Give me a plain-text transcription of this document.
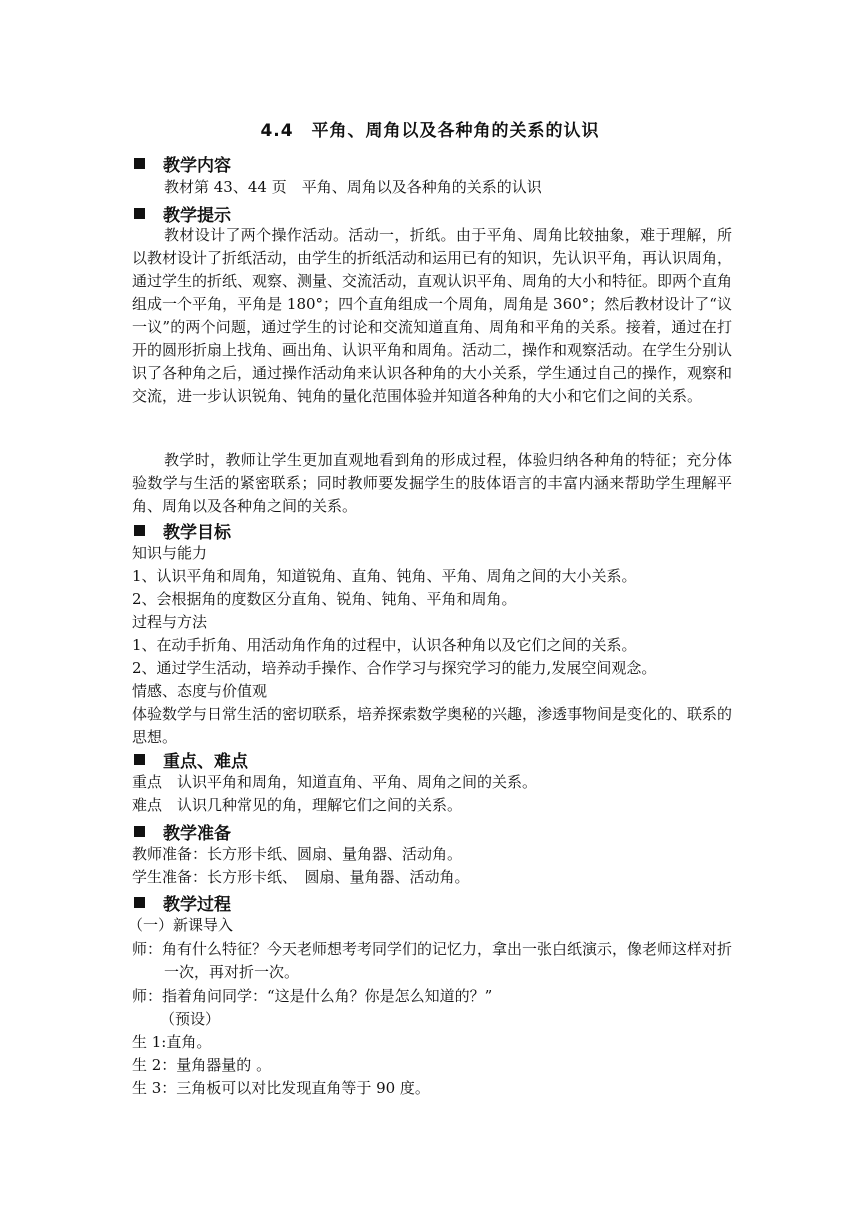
4.4　平角、周角以及各种角的关系的认识
教学内容
教材第 43、44 页　平角、周角以及各种角的关系的认识
教学提示
教材设计了两个操作活动。活动一，折纸。由于平角、周角比较抽象，难于理解，所以教材设计了折纸活动，由学生的折纸活动和运用已有的知识，先认识平角，再认识周角，通过学生的折纸、观察、测量、交流活动，直观认识平角、周角的大小和特征。即两个直角组成一个平角，平角是 180°；四个直角组成一个周角，周角是 360°；然后教材设计了“议一议”的两个问题，通过学生的讨论和交流知道直角、周角和平角的关系。接着，通过在打开的圆形折扇上找角、画出角、认识平角和周角。活动二，操作和观察活动。在学生分别认识了各种角之后，通过操作活动角来认识各种角的大小关系，学生通过自己的操作，观察和交流，进一步认识锐角、钝角的量化范围体验并知道各种角的大小和它们之间的关系。
教学时，教师让学生更加直观地看到角的形成过程，体验归纳各种角的特征；充分体验数学与生活的紧密联系；同时教师要发掘学生的肢体语言的丰富内涵来帮助学生理解平角、周角以及各种角之间的关系。
教学目标
知识与能力
1、认识平角和周角，知道锐角、直角、钝角、平角、周角之间的大小关系。
2、会根据角的度数区分直角、锐角、钝角、平角和周角。
过程与方法
1、在动手折角、用活动角作角的过程中，认识各种角以及它们之间的关系。
2、通过学生活动，培养动手操作、合作学习与探究学习的能力,发展空间观念。
情感、态度与价值观
体验数学与日常生活的密切联系，培养探索数学奥秘的兴趣，渗透事物间是变化的、联系的思想。
重点、难点
重点　认识平角和周角，知道直角、平角、周角之间的关系。
难点　认识几种常见的角，理解它们之间的关系。
教学准备
教师准备：长方形卡纸、圆扇、量角器、活动角。
学生准备：长方形卡纸、　圆扇、量角器、活动角。
教学过程
（一）新课导入
师：角有什么特征？今天老师想考考同学们的记忆力，拿出一张白纸演示，像老师这样对折一次，再对折一次。
师：指着角问同学：“这是什么角？你是怎么知道的？”
（预设）
生 1:直角。
生 2：量角器量的 。
生 3：三角板可以对比发现直角等于 90 度。
